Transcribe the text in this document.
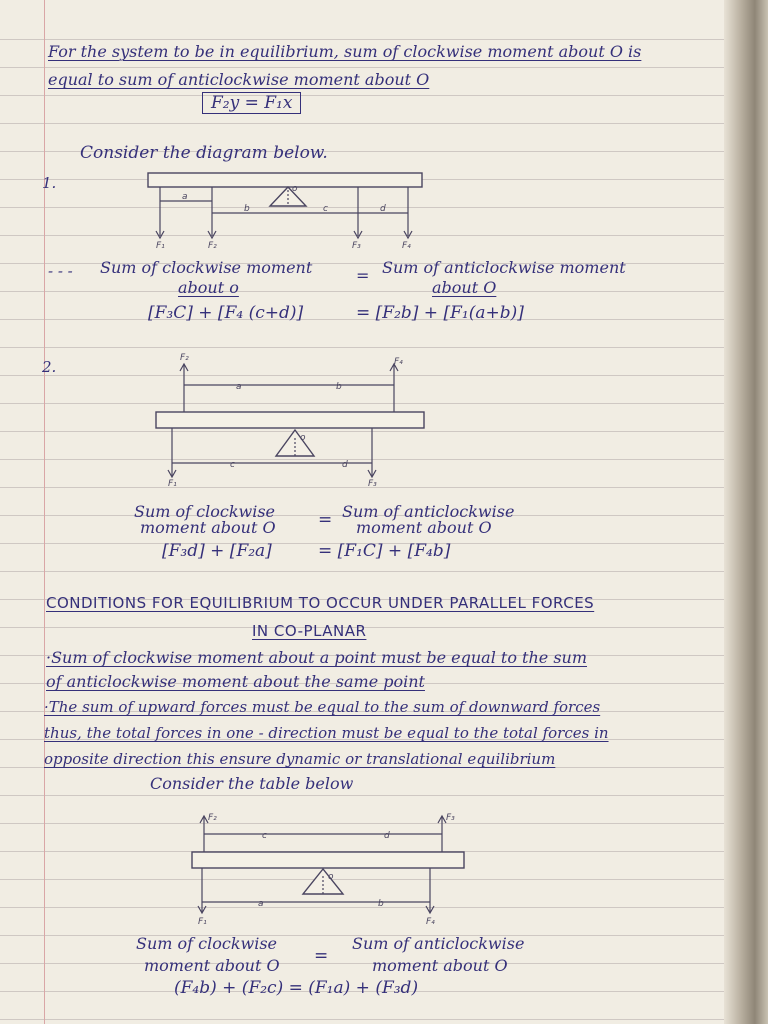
For the system to be in equilibrium, sum of clockwise moment about O is
equal to sum of anticlockwise moment about O
F₂y = F₁x
Consider the diagram below.
1.	o
a
b	c	d
F₁	F₂	F₃	F₄
- - - Sum of clockwise moment
about o
= Sum of anticlockwise moment
about O
[F₃C] + [F₄ (c+d)]	= [F₂b] + [F₁(a+b)]
2.	F₂	F₄
a	b
o
c	d
F₁	F₃
Sum of clockwise
moment about O = Sum of anticlockwise
moment about O
[F₃d] + [F₂a]	= [F₁C] + [F₄b]
CONDITIONS FOR EQUILIBRIUM TO OCCUR UNDER PARALLEL FORCES
IN CO-PLANAR
·Sum of clockwise moment about a point must be equal to the sum
of anticlockwise moment about the same point
·The sum of upward forces must be equal to the sum of downward forces
thus, the total forces in one - direction must be equal to the total forces in
opposite direction this ensure dynamic or translational equilibrium
Consider the table below
F₂	F₃
c	d
o
a	b
F₁	F₄
Sum of clockwise
moment about O =
Sum of anticlockwise
moment about O
(F₄b) + (F₂c) = (F₁a) + (F₃d)
